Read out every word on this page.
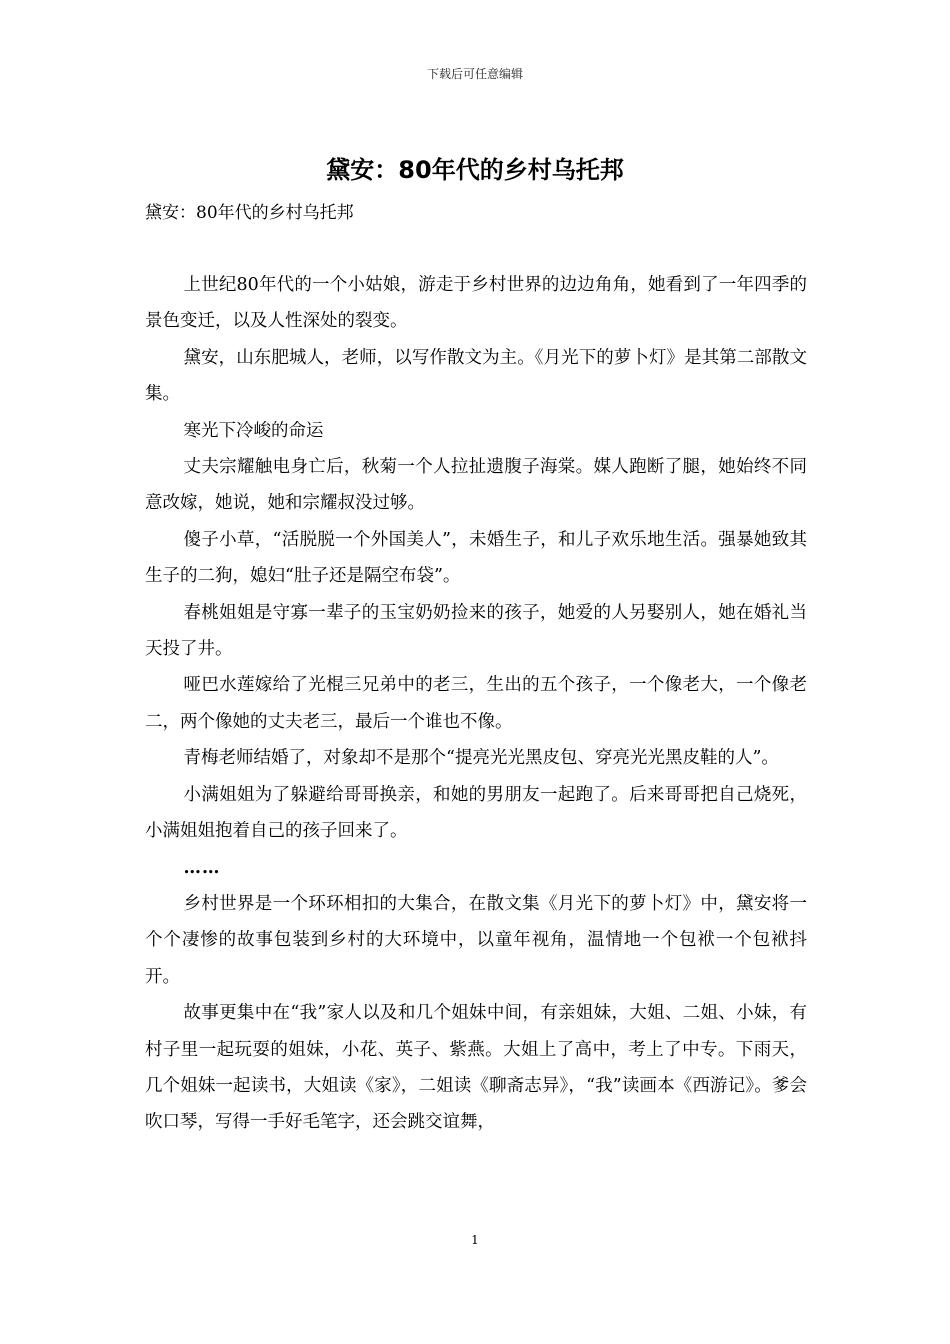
下载后可任意编辑
黛安：80年代的乡村乌托邦
黛安：80年代的乡村乌托邦

上世纪80年代的一个小姑娘，游走于乡村世界的边边角角，她看到了一年四季的景色变迁，以及人性深处的裂变。

黛安，山东肥城人，老师，以写作散文为主。《月光下的萝卜灯》是其第二部散文集。

寒光下冷峻的命运

丈夫宗耀触电身亡后，秋菊一个人拉扯遗腹子海棠。媒人跑断了腿，她始终不同意改嫁，她说，她和宗耀叔没过够。

傻子小草，“活脱脱一个外国美人”，未婚生子，和儿子欢乐地生活。强暴她致其生子的二狗，媳妇“肚子还是隔空布袋”。

春桃姐姐是守寡一辈子的玉宝奶奶捡来的孩子，她爱的人另娶别人，她在婚礼当天投了井。

哑巴水莲嫁给了光棍三兄弟中的老三，生出的五个孩子，一个像老大，一个像老二，两个像她的丈夫老三，最后一个谁也不像。

青梅老师结婚了，对象却不是那个“提亮光光黑皮包、穿亮光光黑皮鞋的人”。

小满姐姐为了躲避给哥哥换亲，和她的男朋友一起跑了。后来哥哥把自己烧死，小满姐姐抱着自己的孩子回来了。

……

乡村世界是一个环环相扣的大集合，在散文集《月光下的萝卜灯》中，黛安将一个个凄惨的故事包装到乡村的大环境中，以童年视角，温情地一个包袱一个包袱抖开。

故事更集中在“我”家人以及和几个姐妹中间，有亲姐妹，大姐、二姐、小妹，有村子里一起玩耍的姐妹，小花、英子、紫燕。大姐上了高中，考上了中专。下雨天，几个姐妹一起读书，大姐读《家》，二姐读《聊斋志异》，“我”读画本《西游记》。爹会吹口琴，写得一手好毛笔字，还会跳交谊舞，

1
